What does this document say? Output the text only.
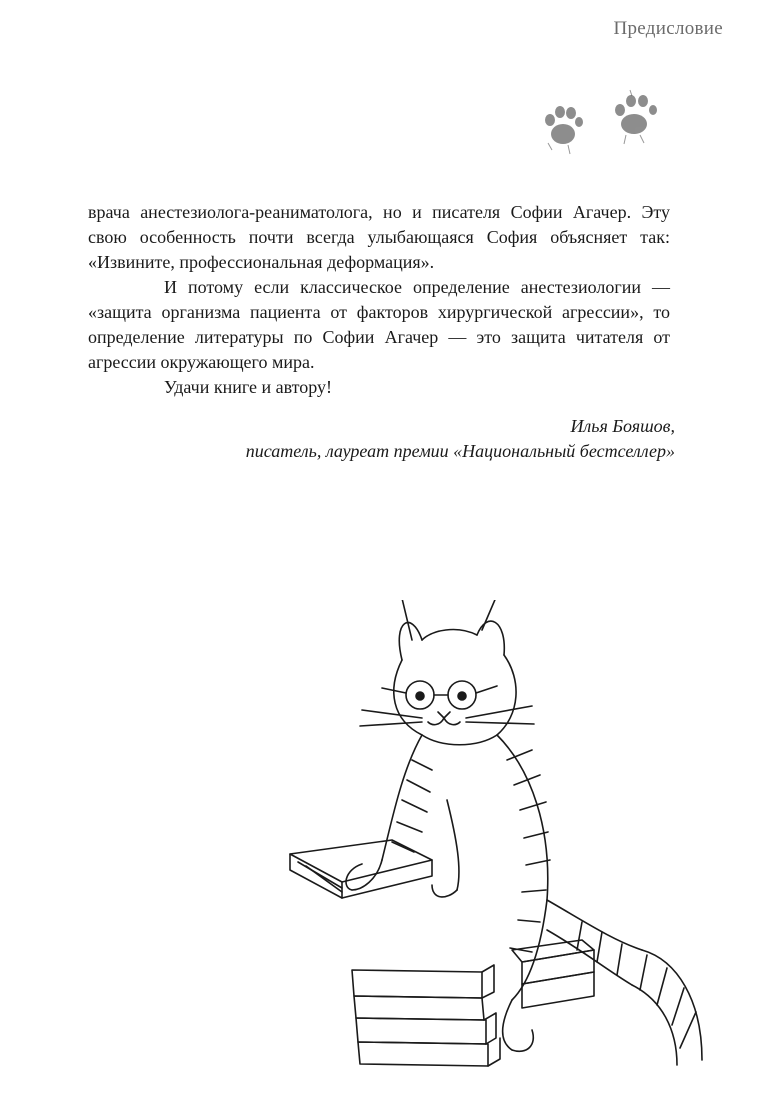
Предисловие

врача анестезиолога-реаниматолога, но и писателя Софии Агачер. Эту свою особенность почти всегда улыбающаяся София объясняет так: «Извините, профессиональная деформация».

И потому если классическое определение анестезиологии — «защита организма пациента от факторов хирургической агрессии», то определение литературы по Софии Агачер — это защита читателя от агрессии окружающего мира.

Удачи книге и автору!

Илья Бояшов,
писатель, лауреат премии «Национальный бестселлер»
